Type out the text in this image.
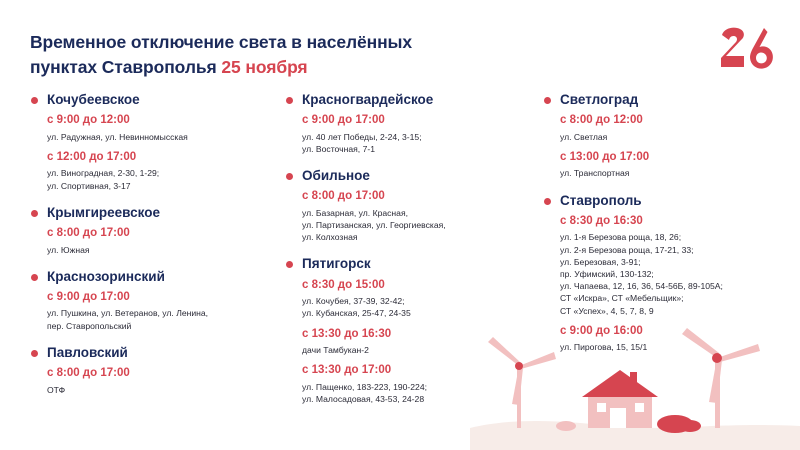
Временное отключение света в населённых
пунктах Ставрополья 25 ноября
Кочубеевское
с 9:00 до 12:00
ул. Радужная, ул. Невинномысская
с 12:00 до 17:00
ул. Виноградная, 2-30, 1-29;
ул. Спортивная, 3-17
Крымгиреевское
с 8:00 до 17:00
ул. Южная
Краснозоринский
с 9:00 до 17:00
ул. Пушкина, ул. Ветеранов, ул. Ленина,
пер. Ставропольский
Павловский
с 8:00 до 17:00
ОТФ
Красногвардейское
с 9:00 до 17:00
ул. 40 лет Победы, 2-24, 3-15;
ул. Восточная, 7-1
Обильное
с 8:00 до 17:00
ул. Базарная, ул. Красная,
ул. Партизанская, ул. Георгиевская,
ул. Колхозная
Пятигорск
с 8:30 до 15:00
ул. Кочубея, 37-39, 32-42;
ул. Кубанская, 25-47, 24-35
с 13:30 до 16:30
дачи Тамбукан-2
с 13:30 до 17:00
ул. Пащенко, 183-223, 190-224;
ул. Малосадовая, 43-53, 24-28
Светлоград
с 8:00 до 12:00
ул. Светлая
с 13:00 до 17:00
ул. Транспортная
Ставрополь
с 8:30 до 16:30
ул. 1-я Березова роща, 18, 26;
ул. 2-я Березова роща, 17-21, 33;
ул. Березовая, 3-91;
пр. Уфимский, 130-132;
ул. Чапаева, 12, 16, 36, 54-56Б, 89-105А;
СТ «Искра», СТ «Мебельщик»;
СТ «Успех», 4, 5, 7, 8, 9
с 9:00 до 16:00
ул. Пирогова, 15, 15/1
